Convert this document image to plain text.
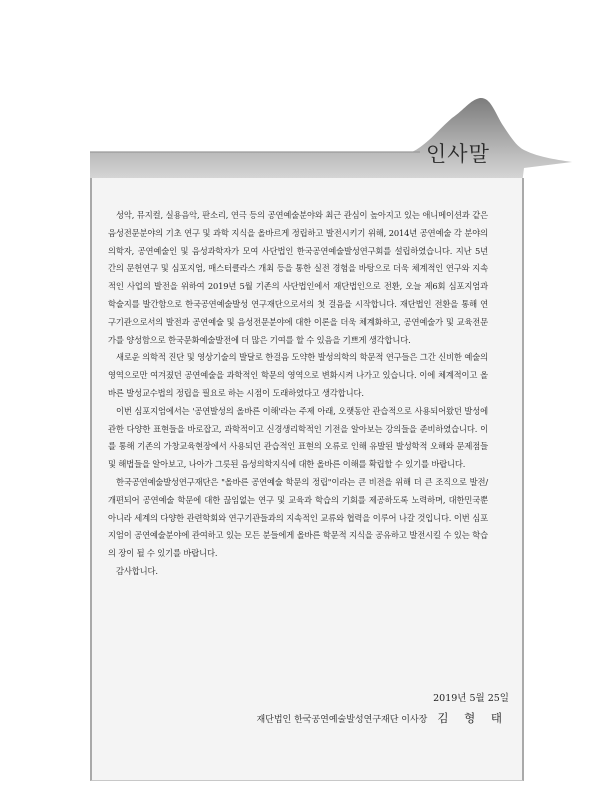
인사말

성악, 뮤지컬, 실용음악, 판소리, 연극 등의 공연예술분야와 최근 관심이 높아지고 있는 애니메이션과 같은 음성전문분야의 기초 연구 및 과학 지식을 올바르게 정립하고 발전시키기 위해, 2014년 공연예술 각 분야의 의학자, 공연예술인 및 음성과학자가 모여 사단법인 한국공연예술발성연구회를 설립하였습니다. 지난 5년 간의 문헌연구 및 심포지엄, 매스터클라스 개최 등을 통한 실전 경험을 바탕으로 더욱 체계적인 연구와 지속적인 사업의 발전을 위하여 2019년 5월 기존의 사단법인에서 재단법인으로 전환, 오늘 제6회 심포지엄과 학술지를 발간함으로 한국공연예술발성 연구재단으로서의 첫 걸음을 시작합니다. 재단법인 전환을 통해 연구기관으로서의 발전과 공연예술 및 음성전문분야에 대한 이론을 더욱 체계화하고, 공연예술가 및 교육전문가를 양성함으로 한국문화예술발전에 더 많은 기여를 할 수 있음을 기쁘게 생각합니다.

새로운 의학적 진단 및 영상기술의 발달로 한걸음 도약한 발성의학의 학문적 연구들은 그간 신비한 예술의 영역으로만 여겨졌던 공연예술을 과학적인 학문의 영역으로 변화시켜 나가고 있습니다. 이에 체계적이고 올바른 발성교수법의 정립을 필요로 하는 시점이 도래하였다고 생각합니다.

이번 심포지엄에서는 '공연발성의 올바른 이해'라는 주제 아래, 오랫동안 관습적으로 사용되어왔던 발성에 관한 다양한 표현들을 바로잡고, 과학적이고 신경생리학적인 기전을 알아보는 강의들을 준비하였습니다. 이를 통해 기존의 가창교육현장에서 사용되던 관습적인 표현의 오류로 인해 유발된 발성학적 오해와 문제점들 및 해법들을 알아보고, 나아가 그릇된 음성의학지식에 대한 올바른 이해를 확립할 수 있기를 바랍니다.

한국공연예술발성연구재단은 "올바른 공연예술 학문의 정립"이라는 큰 비전을 위해 더 큰 조직으로 발전/개편되어 공연예술 학문에 대한 끊임없는 연구 및 교육과 학습의 기회를 제공하도록 노력하며, 대한민국뿐 아니라 세계의 다양한 관련학회와 연구기관들과의 지속적인 교류와 협력을 이루어 나갈 것입니다. 이번 심포지엄이 공연예술분야에 관여하고 있는 모든 분들에게 올바른 학문적 지식을 공유하고 발전시킬 수 있는 학습의 장이 될 수 있기를 바랍니다.

감사합니다.

2019년 5월 25일

재단법인 한국공연예술발성연구재단 이사장 김 형 태
